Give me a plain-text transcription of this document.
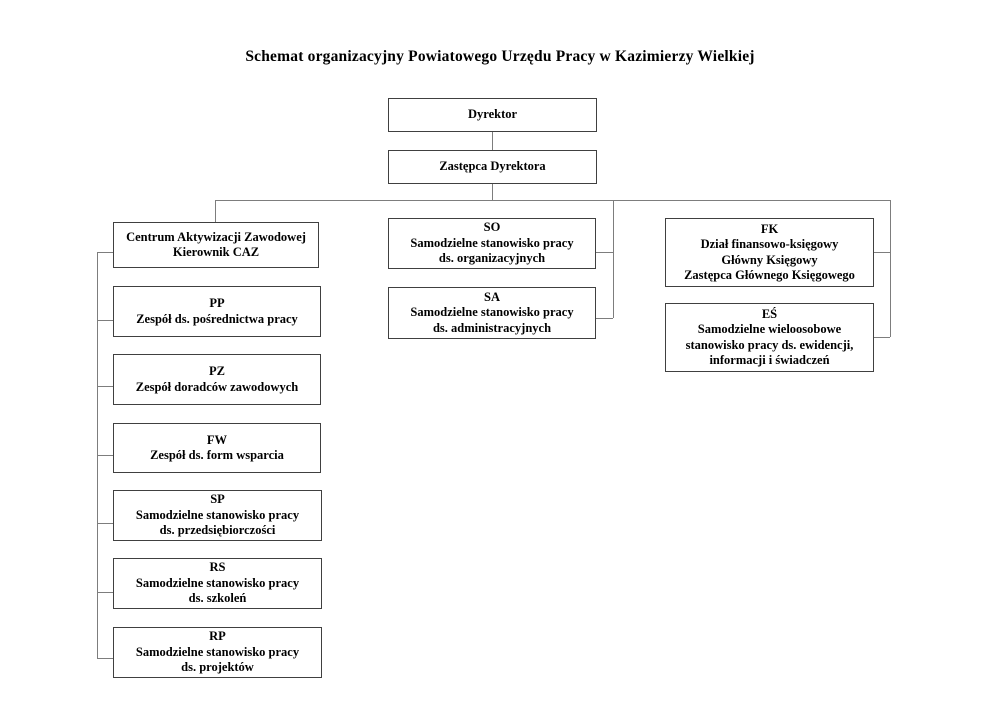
Schemat organizacyjny Powiatowego Urzędu Pracy w Kazimierzy Wielkiej
Dyrektor
Zastępca Dyrektora
Centrum Aktywizacji Zawodowej
Kierownik CAZ
PP
Zespół ds. pośrednictwa pracy
PZ
Zespół doradców zawodowych
FW
Zespół ds. form wsparcia
SP
Samodzielne stanowisko pracy
ds. przedsiębiorczości
RS
Samodzielne stanowisko pracy
ds. szkoleń
RP
Samodzielne stanowisko pracy
ds. projektów
SO
Samodzielne stanowisko pracy
ds. organizacyjnych
SA
Samodzielne stanowisko pracy
ds. administracyjnych
FK
Dział finansowo-księgowy
Główny Księgowy
Zastępca Głównego Księgowego
EŚ
Samodzielne wieloosobowe
stanowisko pracy ds. ewidencji,
informacji i świadczeń
